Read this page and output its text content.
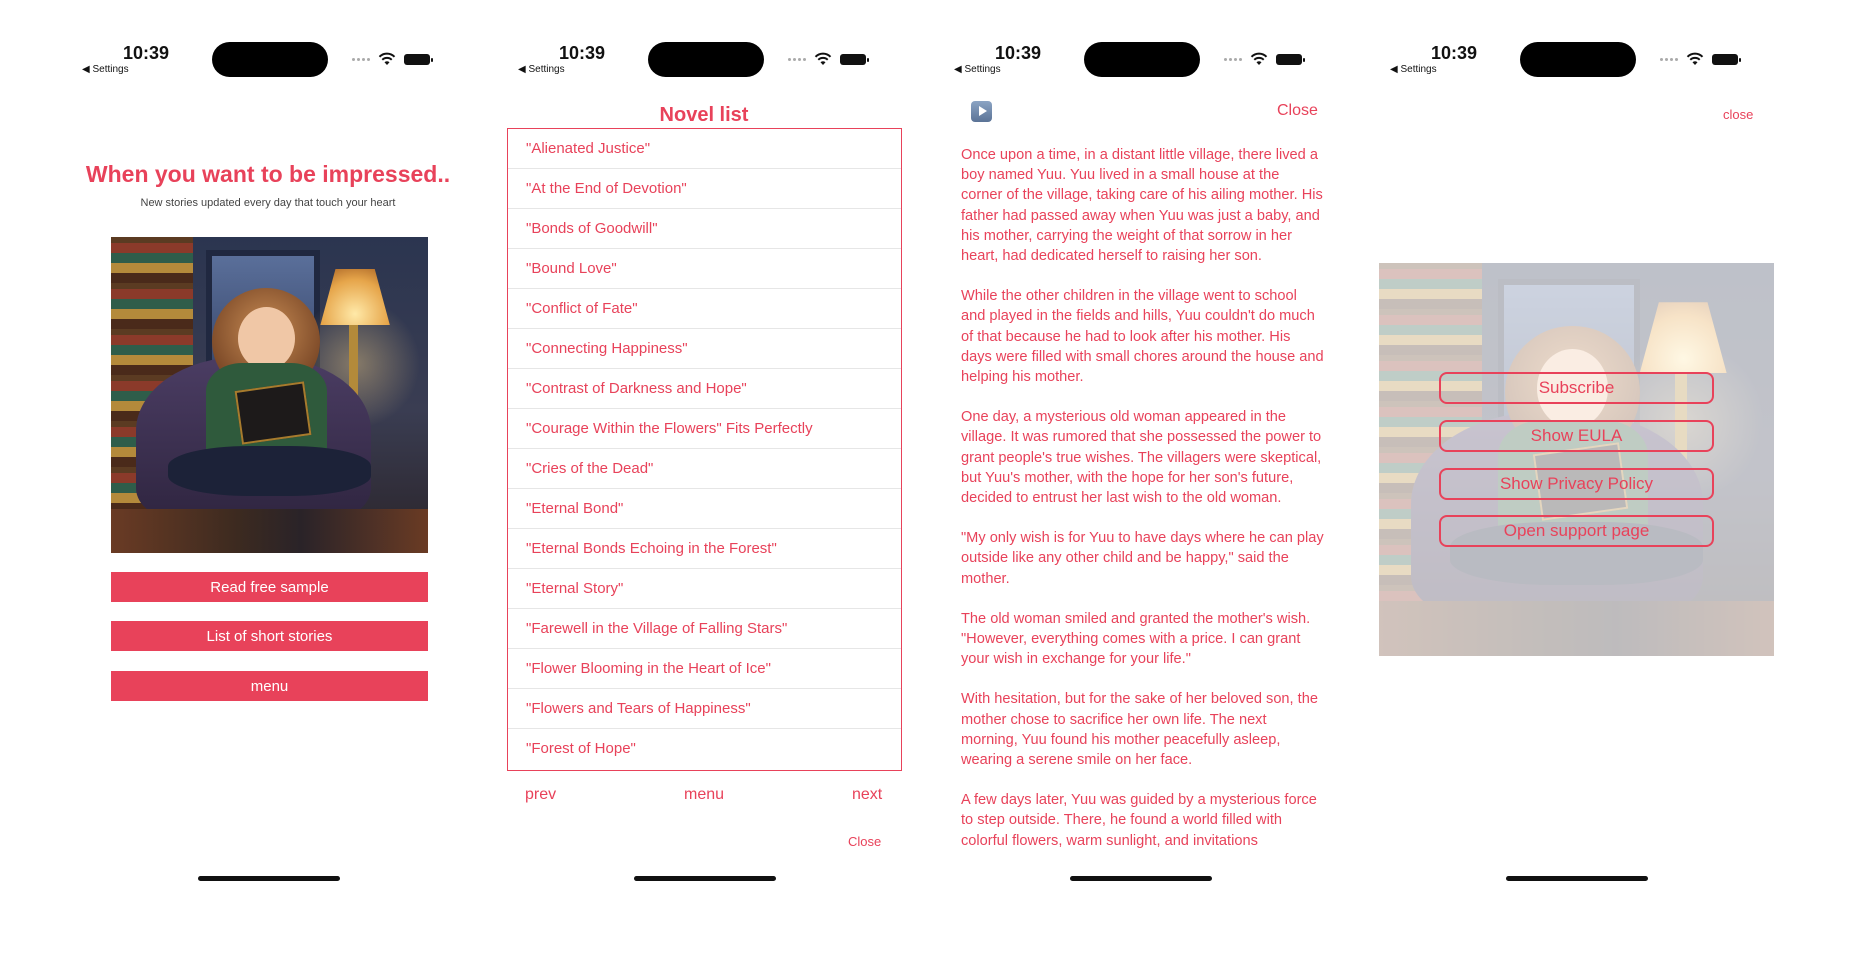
10:39
◀ Settings
When you want to be impressed..
New stories updated every day that touch your heart
Read free sample
List of short stories
menu
10:39
◀ Settings
Novel list
"Alienated Justice"
"At the End of Devotion"
"Bonds of Goodwill"
"Bound Love"
"Conflict of Fate"
"Connecting Happiness"
"Contrast of Darkness and Hope"
"Courage Within the Flowers" Fits Perfectly
"Cries of the Dead"
"Eternal Bond"
"Eternal Bonds Echoing in the Forest"
"Eternal Story"
"Farewell in the Village of Falling Stars"
"Flower Blooming in the Heart of Ice"
"Flowers and Tears of Happiness"
"Forest of Hope"
prev	menu	next
Close
10:39
◀ Settings
Close

Once upon a time, in a distant little village, there lived a boy named Yuu. Yuu lived in a small house at the corner of the village, taking care of his ailing mother. His father had passed away when Yuu was just a baby, and his mother, carrying the weight of that sorrow in her heart, had dedicated herself to raising her son.

While the other children in the village went to school and played in the fields and hills, Yuu couldn't do much of that because he had to look after his mother. His days were filled with small chores around the house and helping his mother.

One day, a mysterious old woman appeared in the village. It was rumored that she possessed the power to grant people's true wishes. The villagers were skeptical, but Yuu's mother, with the hope for her son's future, decided to entrust her last wish to the old woman.

"My only wish is for Yuu to have days where he can play outside like any other child and be happy," said the mother.

The old woman smiled and granted the mother's wish. "However, everything comes with a price. I can grant your wish in exchange for your life."

With hesitation, but for the sake of her beloved son, the mother chose to sacrifice her own life. The next morning, Yuu found his mother peacefully asleep, wearing a serene smile on her face.

A few days later, Yuu was guided by a mysterious force to step outside. There, he found a world filled with colorful flowers, warm sunlight, and invitations

10:39
◀ Settings
close
Subscribe
Show EULA
Show Privacy Policy
Open support page
